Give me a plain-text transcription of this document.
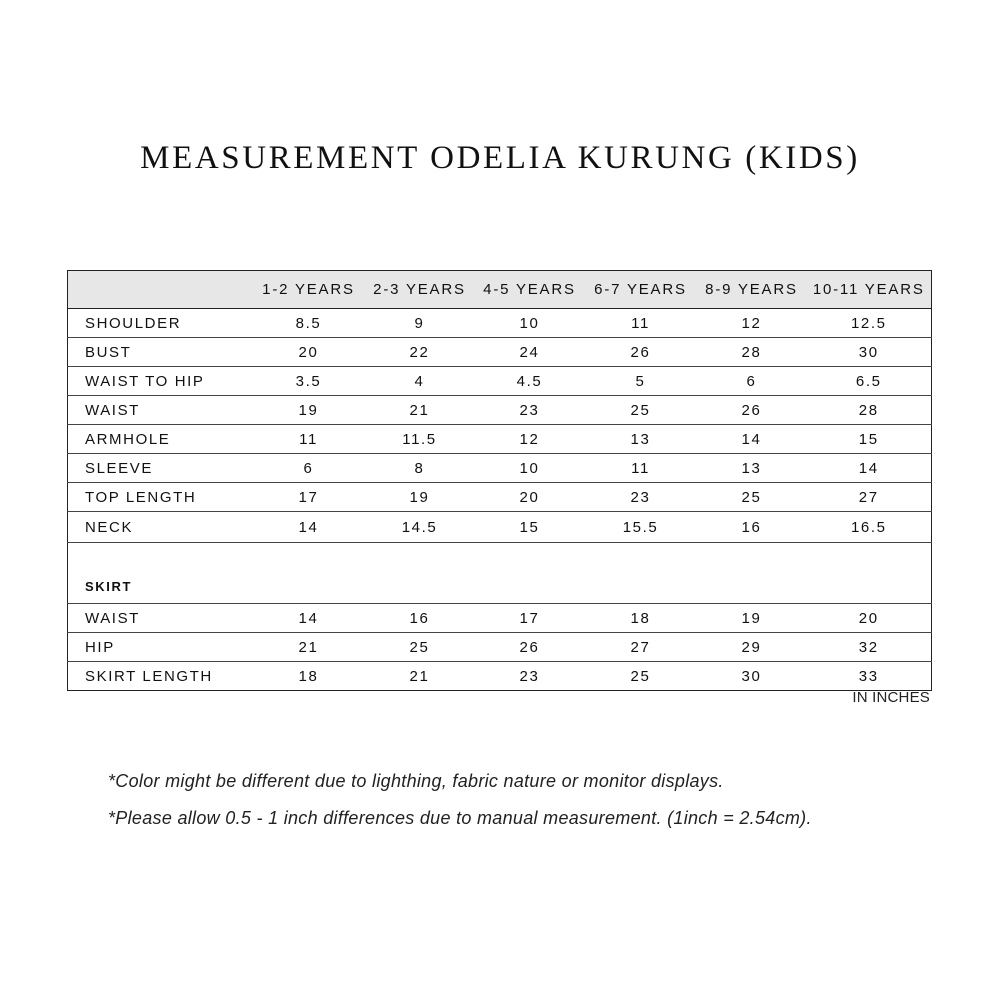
MEASUREMENT ODELIA KURUNG (KIDS)
	1-2 YEARS	2-3 YEARS	4-5 YEARS	6-7 YEARS	8-9 YEARS	10-11 YEARS
SHOULDER	8.5	9	10	11	12	12.5
BUST	20	22	24	26	28	30
WAIST TO HIP	3.5	4	4.5	5	6	6.5
WAIST	19	21	23	25	26	28
ARMHOLE	11	11.5	12	13	14	15
SLEEVE	6	8	10	11	13	14
TOP LENGTH	17	19	20	23	25	27
NECK	14	14.5	15	15.5	16	16.5
SKIRT						
WAIST	14	16	17	18	19	20
HIP	21	25	26	27	29	32
SKIRT LENGTH	18	21	23	25	30	33
IN INCHES
*Color might be different due to lighthing, fabric nature or monitor displays.
*Please allow 0.5 - 1 inch differences due to manual measurement. (1inch = 2.54cm).
